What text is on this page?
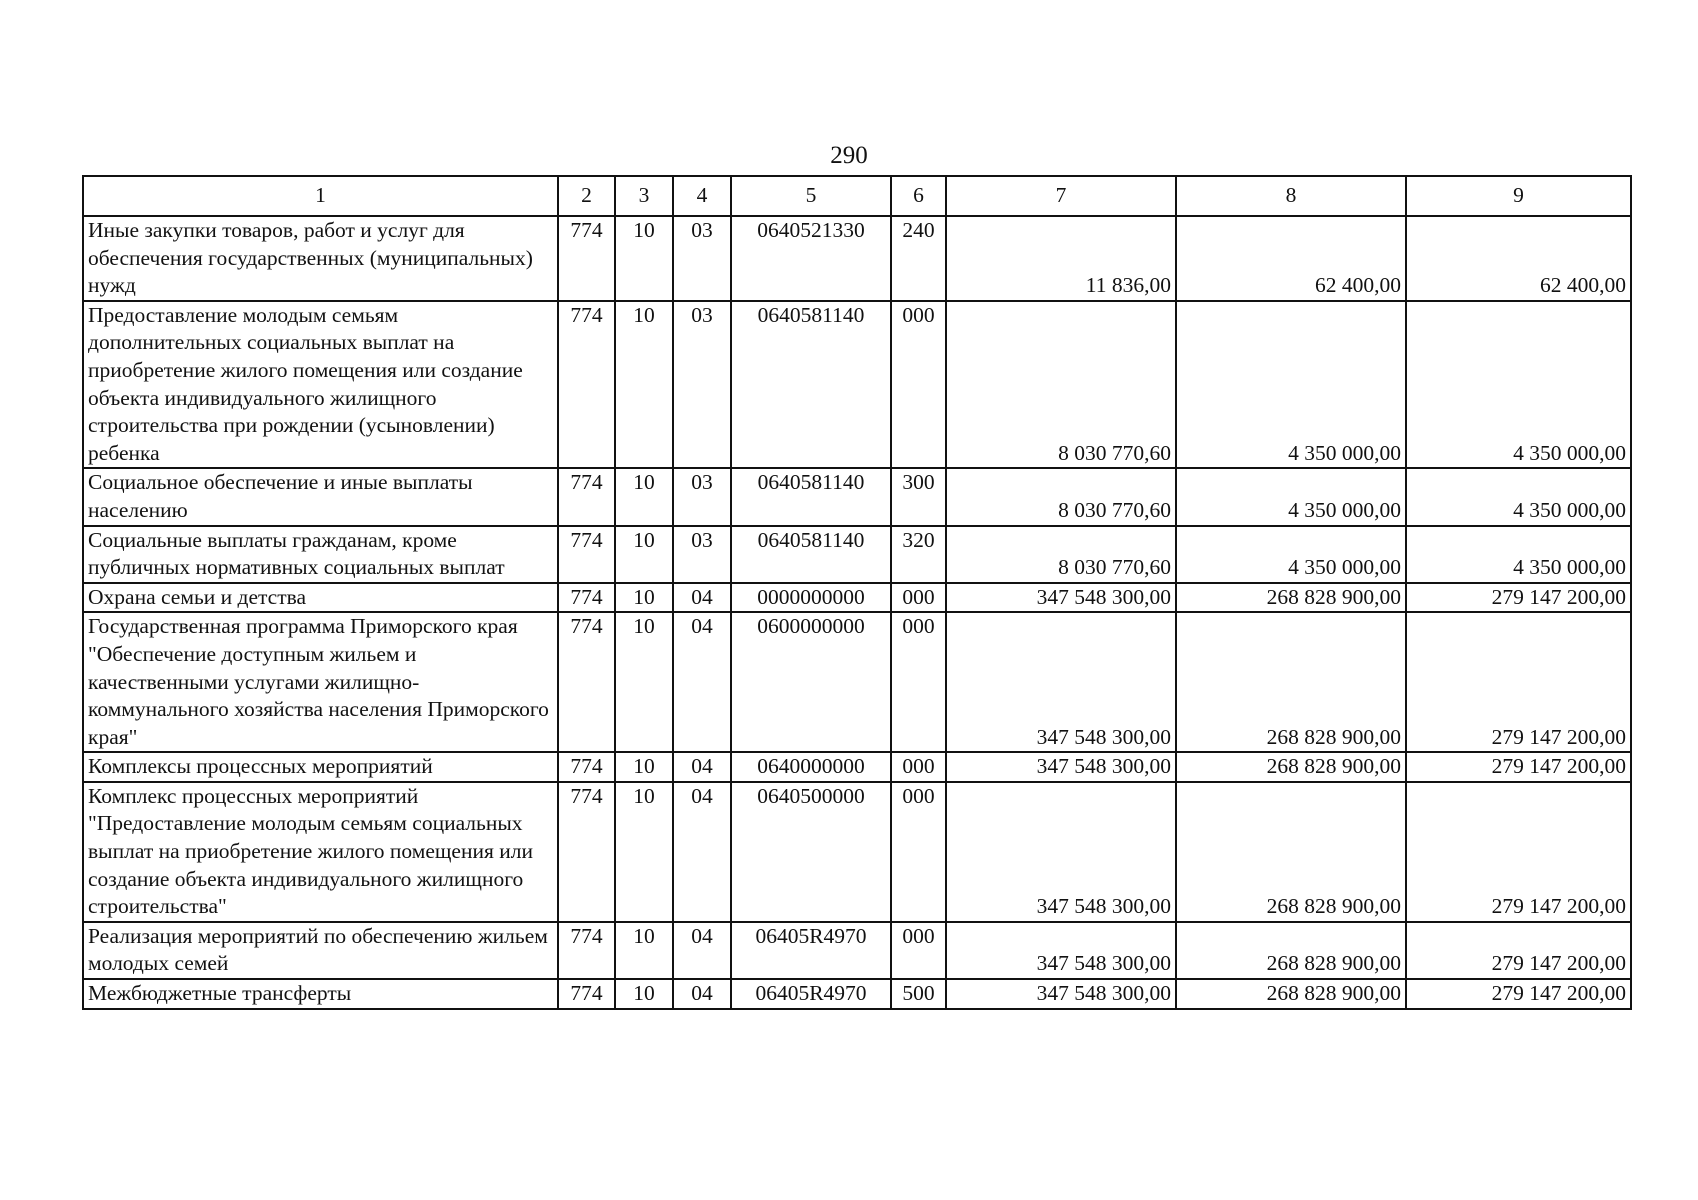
290
1	2	3	4	5	6	7	8	9
Иные закупки товаров, работ и услуг для обеспечения государственных (муниципальных) нужд	774	10	03	0640521330	240	11 836,00	62 400,00	62 400,00
Предоставление молодым семьям дополнительных социальных выплат на приобретение жилого помещения или создание объекта индивидуального жилищного строительства при рождении (усыновлении) ребенка	774	10	03	0640581140	000	8 030 770,60	4 350 000,00	4 350 000,00
Социальное обеспечение и иные выплаты населению	774	10	03	0640581140	300	8 030 770,60	4 350 000,00	4 350 000,00
Социальные выплаты гражданам, кроме публичных нормативных социальных выплат	774	10	03	0640581140	320	8 030 770,60	4 350 000,00	4 350 000,00
Охрана семьи и детства	774	10	04	0000000000	000	347 548 300,00	268 828 900,00	279 147 200,00
Государственная программа Приморского края "Обеспечение доступным жильем и качественными услугами жилищно-коммунального хозяйства населения Приморского края"	774	10	04	0600000000	000	347 548 300,00	268 828 900,00	279 147 200,00
Комплексы процессных мероприятий	774	10	04	0640000000	000	347 548 300,00	268 828 900,00	279 147 200,00
Комплекс процессных мероприятий "Предоставление молодым семьям социальных выплат на приобретение жилого помещения или создание объекта индивидуального жилищного строительства"	774	10	04	0640500000	000	347 548 300,00	268 828 900,00	279 147 200,00
Реализация мероприятий по обеспечению жильем молодых семей	774	10	04	06405R4970	000	347 548 300,00	268 828 900,00	279 147 200,00
Межбюджетные трансферты	774	10	04	06405R4970	500	347 548 300,00	268 828 900,00	279 147 200,00
